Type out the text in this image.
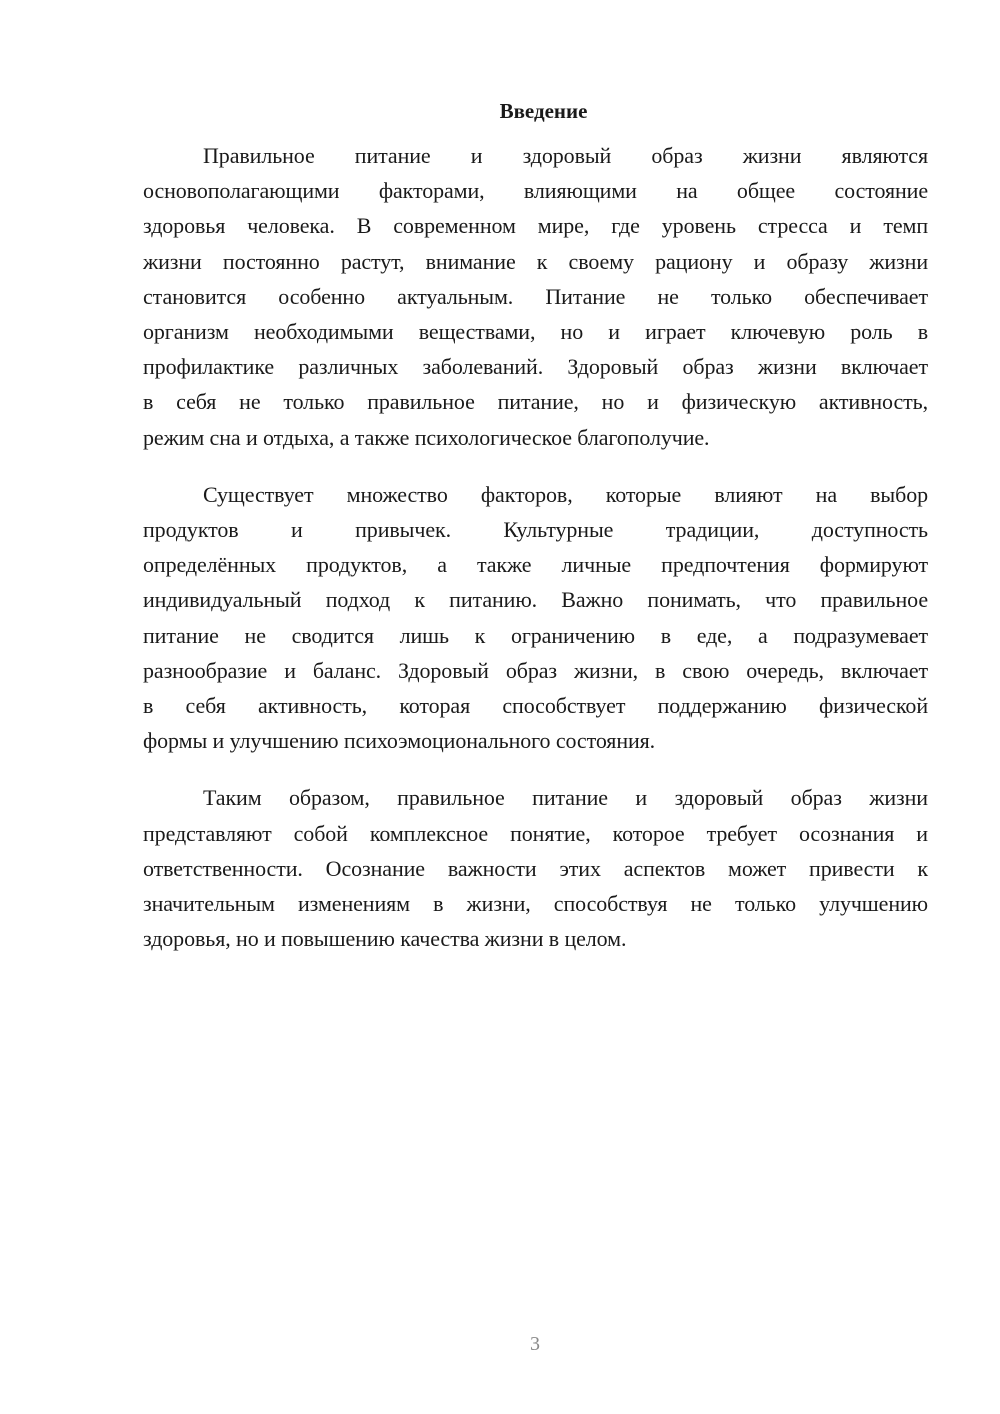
Введение
Правильное питание и здоровый образ жизни являются
основополагающими факторами, влияющими на общее состояние
здоровья человека. В современном мире, где уровень стресса и темп
жизни постоянно растут, внимание к своему рациону и образу жизни
становится особенно актуальным. Питание не только обеспечивает
организм необходимыми веществами, но и играет ключевую роль в
профилактике различных заболеваний. Здоровый образ жизни включает
в себя не только правильное питание, но и физическую активность,
режим сна и отдыха, а также психологическое благополучие.
Существует множество факторов, которые влияют на выбор
продуктов и привычек. Культурные традиции, доступность
определённых продуктов, а также личные предпочтения формируют
индивидуальный подход к питанию. Важно понимать, что правильное
питание не сводится лишь к ограничению в еде, а подразумевает
разнообразие и баланс. Здоровый образ жизни, в свою очередь, включает
в себя активность, которая способствует поддержанию физической
формы и улучшению психоэмоционального состояния.
Таким образом, правильное питание и здоровый образ жизни
представляют собой комплексное понятие, которое требует осознания и
ответственности. Осознание важности этих аспектов может привести к
значительным изменениям в жизни, способствуя не только улучшению
здоровья, но и повышению качества жизни в целом.
3
